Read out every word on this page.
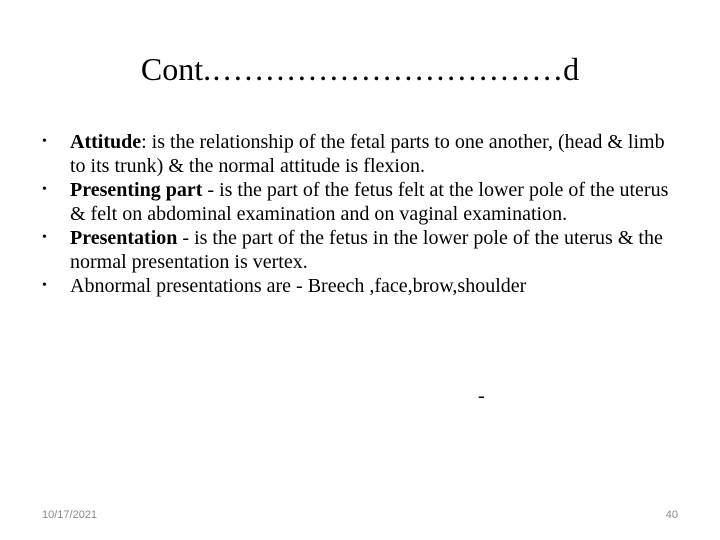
Cont.……………………………d
• Attitude: is the relationship of the fetal parts to one another, (head & limb to its trunk) & the normal attitude is flexion.
• Presenting part - is the part of the fetus felt at the lower pole of the uterus & felt on abdominal examination and on vaginal examination.
• Presentation - is the part of the fetus in the lower pole of the uterus & the normal presentation is vertex.
• Abnormal presentations are - Breech ,face,brow,shoulder
-
10/17/2021	40
